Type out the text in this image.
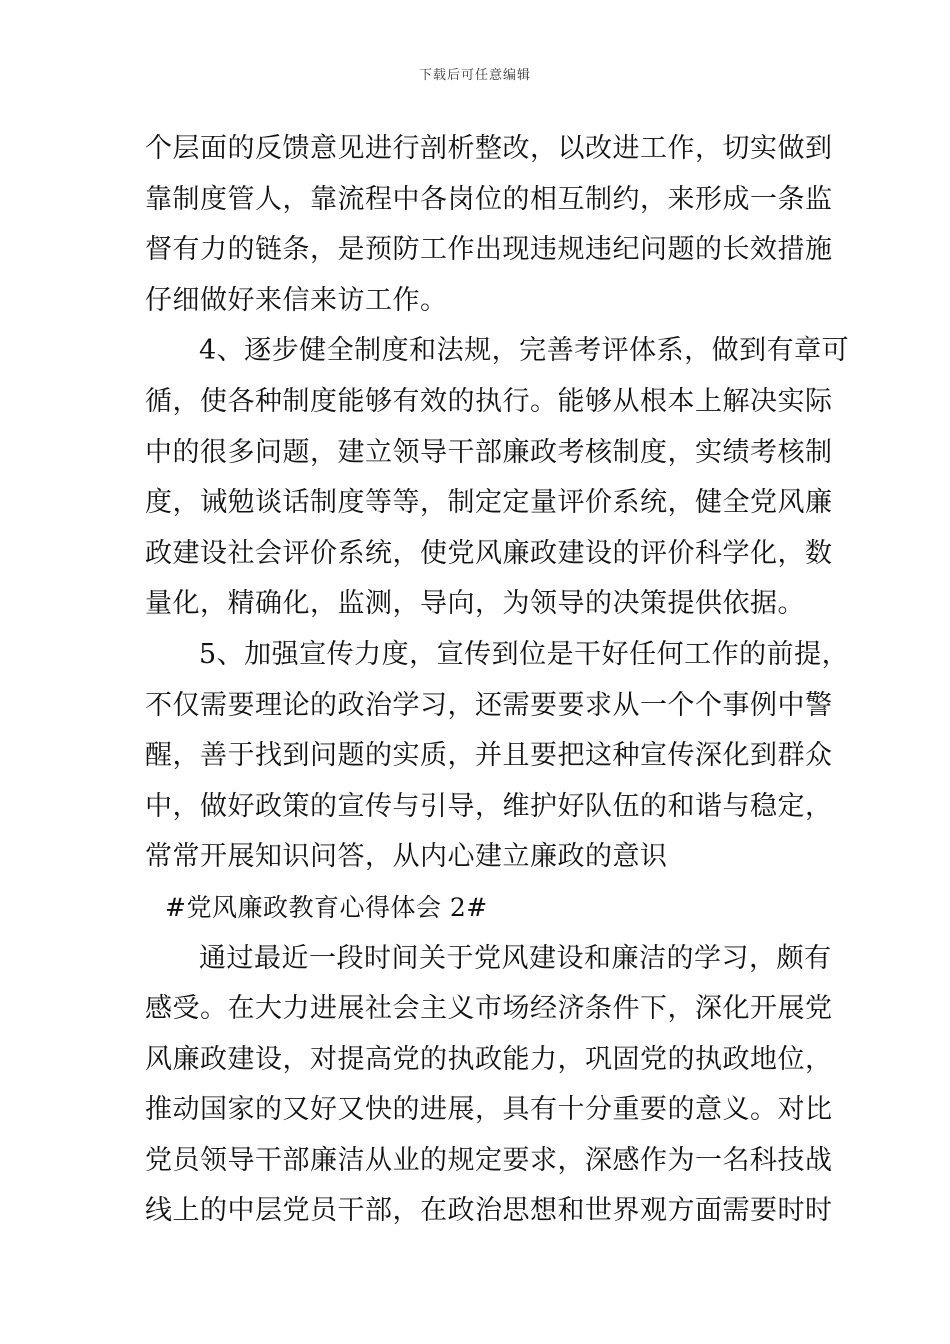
下载后可任意编辑
个层面的反馈意见进行剖析整改，以改进工作，切实做到
靠制度管人，靠流程中各岗位的相互制约，来形成一条监
督有力的链条，是预防工作出现违规违纪问题的长效措施
仔细做好来信来访工作。
4、逐步健全制度和法规，完善考评体系，做到有章可
循，使各种制度能够有效的执行。能够从根本上解决实际
中的很多问题，建立领导干部廉政考核制度，实绩考核制
度，诫勉谈话制度等等，制定定量评价系统，健全党风廉
政建设社会评价系统，使党风廉政建设的评价科学化，数
量化，精确化，监测，导向，为领导的决策提供依据。
5、加强宣传力度，宣传到位是干好任何工作的前提，
不仅需要理论的政治学习，还需要要求从一个个事例中警
醒，善于找到问题的实质，并且要把这种宣传深化到群众
中，做好政策的宣传与引导，维护好队伍的和谐与稳定，
常常开展知识问答，从内心建立廉政的意识
#党风廉政教育心得体会 2#
通过最近一段时间关于党风建设和廉洁的学习，颇有
感受。在大力进展社会主义市场经济条件下，深化开展党
风廉政建设，对提高党的执政能力，巩固党的执政地位，
推动国家的又好又快的进展，具有十分重要的意义。对比
党员领导干部廉洁从业的规定要求，深感作为一名科技战
线上的中层党员干部，在政治思想和世界观方面需要时时
